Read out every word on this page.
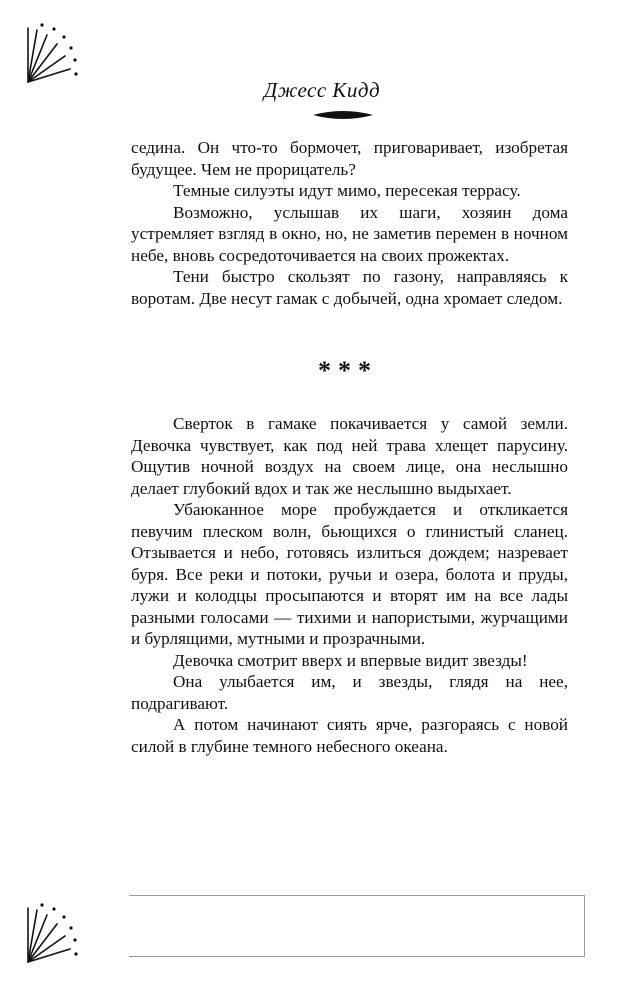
Джесс Кидд

седина. Он что-то бормочет, приговаривает, изобретая будущее. Чем не прорицатель?

Темные силуэты идут мимо, пересекая террасу.

Возможно, услышав их шаги, хозяин дома устремляет взгляд в окно, но, не заметив перемен в ночном небе, вновь сосредоточивается на своих прожектах.

Тени быстро скользят по газону, направляясь к воротам. Две несут гамак с добычей, одна хромает следом.

***

Сверток в гамаке покачивается у самой земли. Девочка чувствует, как под ней трава хлещет парусину. Ощутив ночной воздух на своем лице, она неслышно делает глубокий вдох и так же неслышно выдыхает.

Убаюканное море пробуждается и откликается певучим плеском волн, бьющихся о глинистый сланец. Отзывается и небо, готовясь излиться дождем; назревает буря. Все реки и потоки, ручьи и озера, болота и пруды, лужи и колодцы просыпаются и вторят им на все лады разными голосами — тихими и напористыми, журчащими и бурлящими, мутными и прозрачными.

Девочка смотрит вверх и впервые видит звезды!

Она улыбается им, и звезды, глядя на нее, подрагивают.

А потом начинают сиять ярче, разгораясь с новой силой в глубине темного небесного океана.
